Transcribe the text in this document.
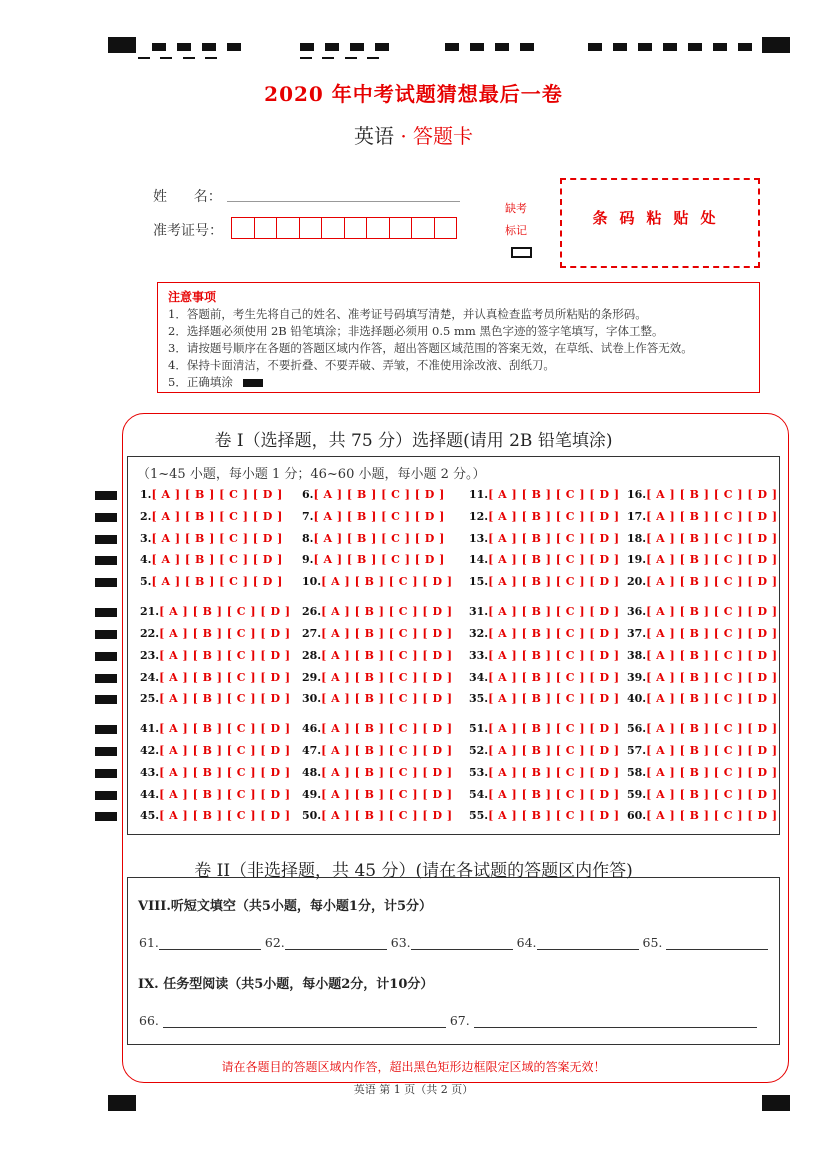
2020 年中考试题猜想最后一卷
英语 · 答题卡
姓      名：
准考证号：
缺考
标记
条码粘贴处
注意事项
1．答题前，考生先将自己的姓名、准考证号码填写清楚，并认真检查监考员所粘贴的条形码。
2．选择题必须使用 2B 铅笔填涂；非选择题必须用 0.5 mm 黑色字迹的签字笔填写，字体工整。
3．请按题号顺序在各题的答题区域内作答，超出答题区域范围的答案无效，在草纸、试卷上作答无效。
4．保持卡面清洁，不要折叠、不要弄破、弄皱，不准使用涂改液、刮纸刀。
5．正确填涂
卷 I（选择题，共 75 分）选择题(请用 2B 铅笔填涂)
（1~45 小题，每小题 1 分；46~60 小题，每小题 2 分。）
1.[ A ] [ B ] [ C ] [ D ]
2.[ A ] [ B ] [ C ] [ D ]
3.[ A ] [ B ] [ C ] [ D ]
4.[ A ] [ B ] [ C ] [ D ]
5.[ A ] [ B ] [ C ] [ D ]
6.[ A ] [ B ] [ C ] [ D ]
7.[ A ] [ B ] [ C ] [ D ]
8.[ A ] [ B ] [ C ] [ D ]
9.[ A ] [ B ] [ C ] [ D ]
10.[ A ] [ B ] [ C ] [ D ]
11.[ A ] [ B ] [ C ] [ D ]
12.[ A ] [ B ] [ C ] [ D ]
13.[ A ] [ B ] [ C ] [ D ]
14.[ A ] [ B ] [ C ] [ D ]
15.[ A ] [ B ] [ C ] [ D ]
16.[ A ] [ B ] [ C ] [ D ]
17.[ A ] [ B ] [ C ] [ D ]
18.[ A ] [ B ] [ C ] [ D ]
19.[ A ] [ B ] [ C ] [ D ]
20.[ A ] [ B ] [ C ] [ D ]
21.[ A ] [ B ] [ C ] [ D ]
22.[ A ] [ B ] [ C ] [ D ]
23.[ A ] [ B ] [ C ] [ D ]
24.[ A ] [ B ] [ C ] [ D ]
25.[ A ] [ B ] [ C ] [ D ]
26.[ A ] [ B ] [ C ] [ D ]
27.[ A ] [ B ] [ C ] [ D ]
28.[ A ] [ B ] [ C ] [ D ]
29.[ A ] [ B ] [ C ] [ D ]
30.[ A ] [ B ] [ C ] [ D ]
31.[ A ] [ B ] [ C ] [ D ]
32.[ A ] [ B ] [ C ] [ D ]
33.[ A ] [ B ] [ C ] [ D ]
34.[ A ] [ B ] [ C ] [ D ]
35.[ A ] [ B ] [ C ] [ D ]
36.[ A ] [ B ] [ C ] [ D ]
37.[ A ] [ B ] [ C ] [ D ]
38.[ A ] [ B ] [ C ] [ D ]
39.[ A ] [ B ] [ C ] [ D ]
40.[ A ] [ B ] [ C ] [ D ]
41.[ A ] [ B ] [ C ] [ D ]
42.[ A ] [ B ] [ C ] [ D ]
43.[ A ] [ B ] [ C ] [ D ]
44.[ A ] [ B ] [ C ] [ D ]
45.[ A ] [ B ] [ C ] [ D ]
46.[ A ] [ B ] [ C ] [ D ]
47.[ A ] [ B ] [ C ] [ D ]
48.[ A ] [ B ] [ C ] [ D ]
49.[ A ] [ B ] [ C ] [ D ]
50.[ A ] [ B ] [ C ] [ D ]
51.[ A ] [ B ] [ C ] [ D ]
52.[ A ] [ B ] [ C ] [ D ]
53.[ A ] [ B ] [ C ] [ D ]
54.[ A ] [ B ] [ C ] [ D ]
55.[ A ] [ B ] [ C ] [ D ]
56.[ A ] [ B ] [ C ] [ D ]
57.[ A ] [ B ] [ C ] [ D ]
58.[ A ] [ B ] [ C ] [ D ]
59.[ A ] [ B ] [ C ] [ D ]
60.[ A ] [ B ] [ C ] [ D ]
卷 II（非选择题，共 45 分）(请在各试题的答题区内作答)
VIII.听短文填空（共5小题，每小题1分，计5分）
61.	62.	63.	64.	65.
IX. 任务型阅读（共5小题，每小题2分，计10分）
66.	67.
请在各题目的答题区域内作答，超出黑色矩形边框限定区域的答案无效！
英语 第 1 页（共 2 页）
